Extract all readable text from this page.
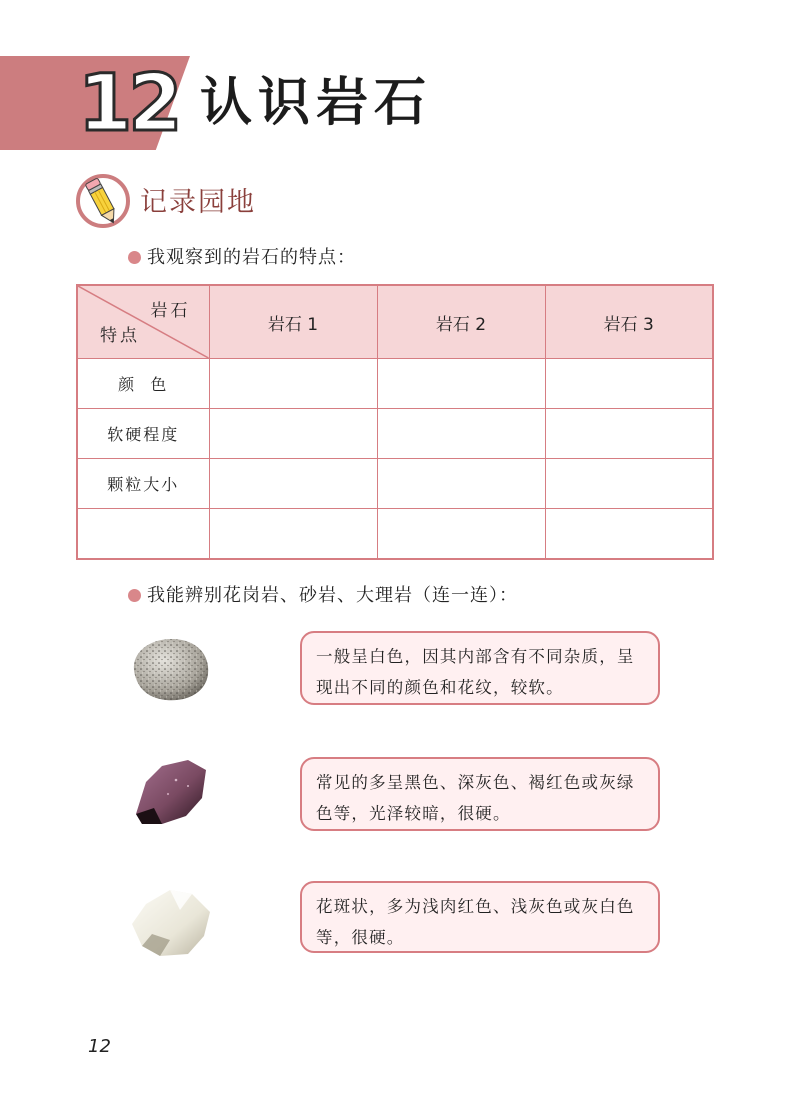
12 认识岩石
记录园地
我观察到的岩石的特点：
岩石
特点	岩石 1	岩石 2	岩石 3
颜  色			
软硬程度			
颗粒大小			

我能辨别花岗岩、砂岩、大理岩（连一连）：
一般呈白色，因其内部含有不同杂质，呈现出不同的颜色和花纹，较软。
常见的多呈黑色、深灰色、褐红色或灰绿色等，光泽较暗，很硬。
花斑状，多为浅肉红色、浅灰色或灰白色等，很硬。
12
